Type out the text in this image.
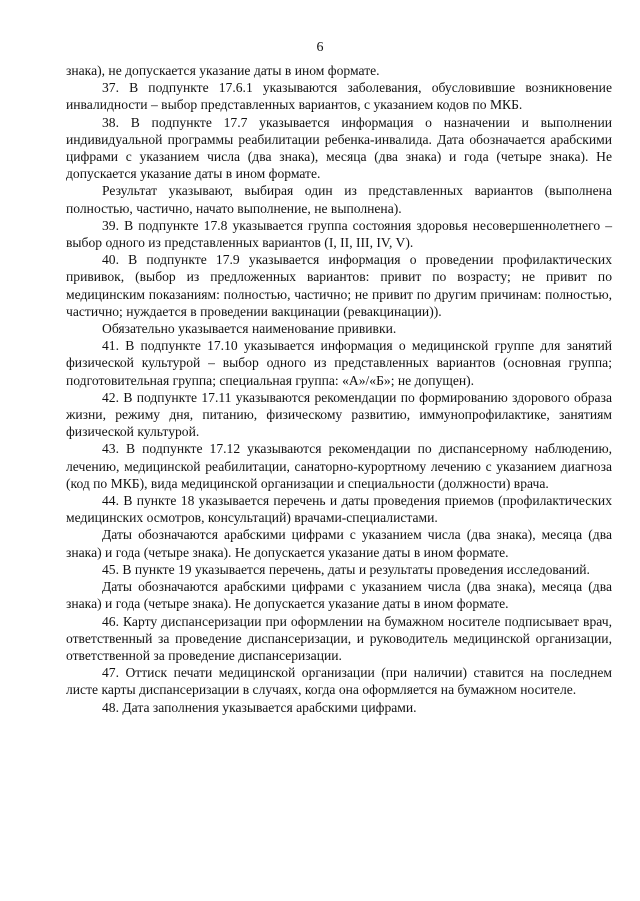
6

знака), не допускается указание даты в ином формате.

37. В подпункте 17.6.1 указываются заболевания, обусловившие возникновение инвалидности – выбор представленных вариантов, с указанием кодов по МКБ.

38. В подпункте 17.7 указывается информация о назначении и выполнении индивидуальной программы реабилитации ребенка-инвалида. Дата обозначается арабскими цифрами с указанием числа (два знака), месяца (два знака) и года (четыре знака). Не допускается указание даты в ином формате.

Результат указывают, выбирая один из представленных вариантов (выполнена полностью, частично, начато выполнение, не выполнена).

39. В подпункте 17.8 указывается группа состояния здоровья несовершеннолетнего – выбор одного из представленных вариантов (I, II, III, IV, V).

40. В подпункте 17.9 указывается информация о проведении профилактических прививок, (выбор из предложенных вариантов: привит по возрасту; не привит по медицинским показаниям: полностью, частично; не привит по другим причинам: полностью, частично; нуждается в проведении вакцинации (ревакцинации)).

Обязательно указывается наименование прививки.

41. В подпункте 17.10 указывается информация о медицинской группе для занятий физической культурой – выбор одного из представленных вариантов (основная группа; подготовительная группа; специальная группа: «А»/«Б»; не допущен).

42. В подпункте 17.11 указываются рекомендации по формированию здорового образа жизни, режиму дня, питанию, физическому развитию, иммунопрофилактике, занятиям физической культурой.

43. В подпункте 17.12 указываются рекомендации по диспансерному наблюдению, лечению, медицинской реабилитации, санаторно-курортному лечению с указанием диагноза (код по МКБ), вида медицинской организации и специальности (должности) врача.

44. В пункте 18 указывается перечень и даты проведения приемов (профилактических медицинских осмотров, консультаций) врачами-специалистами.

Даты обозначаются арабскими цифрами с указанием числа (два знака), месяца (два знака) и года (четыре знака). Не допускается указание даты в ином формате.

45. В пункте 19 указывается перечень, даты и результаты проведения исследований.

Даты обозначаются арабскими цифрами с указанием числа (два знака), месяца (два знака) и года (четыре знака). Не допускается указание даты в ином формате.

46. Карту диспансеризации при оформлении на бумажном носителе подписывает врач, ответственный за проведение диспансеризации, и руководитель медицинской организации, ответственной за проведение диспансеризации.

47. Оттиск печати медицинской организации (при наличии) ставится на последнем листе карты диспансеризации в случаях, когда она оформляется на бумажном носителе.

48. Дата заполнения указывается арабскими цифрами.
